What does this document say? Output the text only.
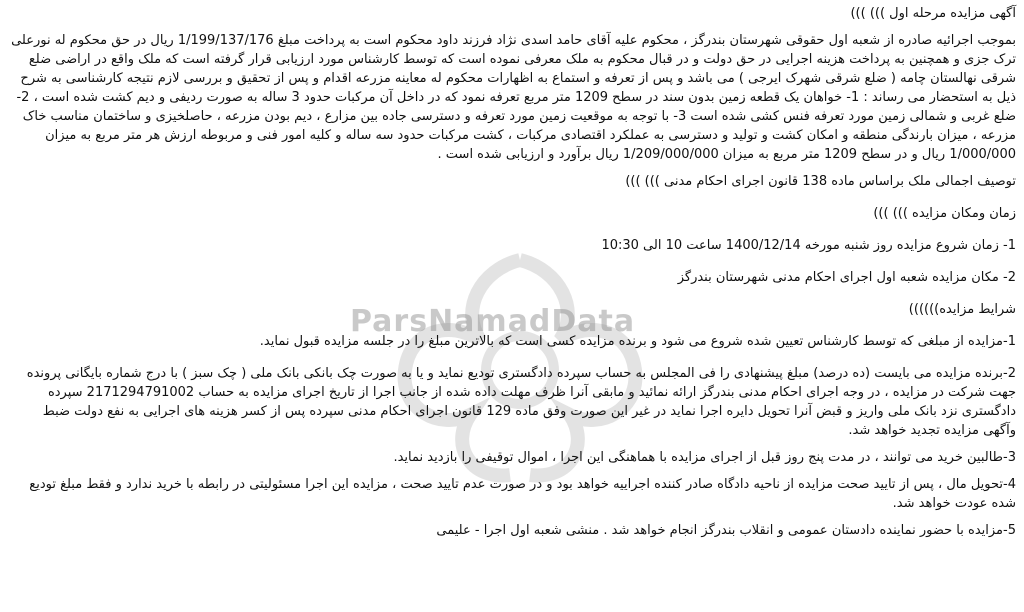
ParsNamadData

آگهی مزایده مرحله اول ))) )))

بموجب اجرائیه صادره از شعبه اول حقوقی شهرستان بندرگز ، محکوم علیه آقای حامد اسدی نژاد فرزند داود محکوم است به پرداخت مبلغ 1/199/137/176 ریال در حق محکوم له نورعلی ترک جزی و همچنین به پرداخت هزینه اجرایی در حق دولت و در قبال محکوم به ملک معرفی نموده است که توسط کارشناس مورد ارزیابی قرار گرفته است که ملک واقع در اراضی ضلع شرقی نهالستان چامه ( ضلع شرقی شهرک ایرجی ) می باشد و پس از تعرفه و استماع به اظهارات محکوم له معاینه مزرعه اقدام و پس از تحقیق و بررسی لازم نتیجه کارشناسی به شرح ذیل به استحضار می رساند : 1- خواهان یک قطعه زمین بدون سند در سطح 1209 متر مربع تعرفه نمود که در داخل آن مرکبات حدود 3 ساله به صورت ردیفی و دیم کشت شده است ، 2- ضلع غربی و شمالی زمین مورد تعرفه فنس کشی شده است 3- با توجه به موقعیت زمین مورد تعرفه و دسترسی جاده بین مزارع ، دیم بودن مزرعه ، حاصلخیزی و ساختمان مناسب خاک مزرعه ، میزان بارندگی منطقه و امکان کشت و تولید و دسترسی به عملکرد اقتصادی مرکبات ، کشت مرکبات حدود سه ساله و کلیه امور فنی و مربوطه ارزش هر متر مربع به میزان 1/000/000 ریال و در سطح 1209 متر مربع به میزان 1/209/000/000 ریال برآورد و ارزیابی شده است .

توصیف اجمالی ملک براساس ماده 138 قانون اجرای احکام مدنی ))) )))

زمان ومکان مزایده ))) )))

1- زمان شروع مزایده روز شنبه مورخه 1400/12/14 ساعت 10 الی 10:30

2- مکان مزایده شعبه اول اجرای احکام مدنی شهرستان بندرگز

شرایط مزایده))))))

1-مزایده از مبلغی که توسط کارشناس تعیین شده شروع می شود و برنده مزایده کسی است که بالاترین مبلغ را در جلسه مزایده قبول نماید.

2-برنده مزایده می بایست (ده درصد) مبلغ پیشنهادی را فی المجلس به حساب سپرده دادگستری تودیع نماید و یا به صورت چک بانکی بانک ملی ( چک سبز ) با درج شماره بایگانی پرونده جهت شرکت در مزایده ، در وجه اجرای احکام مدنی بندرگز ارائه نمائید و مابقی آنرا ظرف مهلت داده شده از جانب اجرا از تاریخ اجرای مزایده به حساب 2171294791002 سپرده دادگستری نزد بانک ملی واریز و قبض آنرا تحویل دایره اجرا نماید در غیر این صورت وفق ماده 129 قانون اجرای احکام مدنی سپرده پس از کسر هزینه های اجرایی به نفع دولت ضبط وآگهی مزایده تجدید خواهد شد.

3-طالبین خرید می توانند ، در مدت پنج روز قبل از اجرای مزایده با هماهنگی این اجرا ، اموال توقیفی را بازدید نماید.

4-تحویل مال ، پس از تایید صحت مزایده از ناحیه دادگاه صادر کننده اجراییه خواهد بود و در صورت عدم تایید صحت ، مزایده این اجرا مسئولیتی در رابطه با خرید ندارد و فقط مبلغ تودیع شده عودت خواهد شد.

5-مزایده با حضور نماینده دادستان عمومی و انقلاب بندرگز انجام خواهد شد . منشی شعبه اول اجرا - علیمی
